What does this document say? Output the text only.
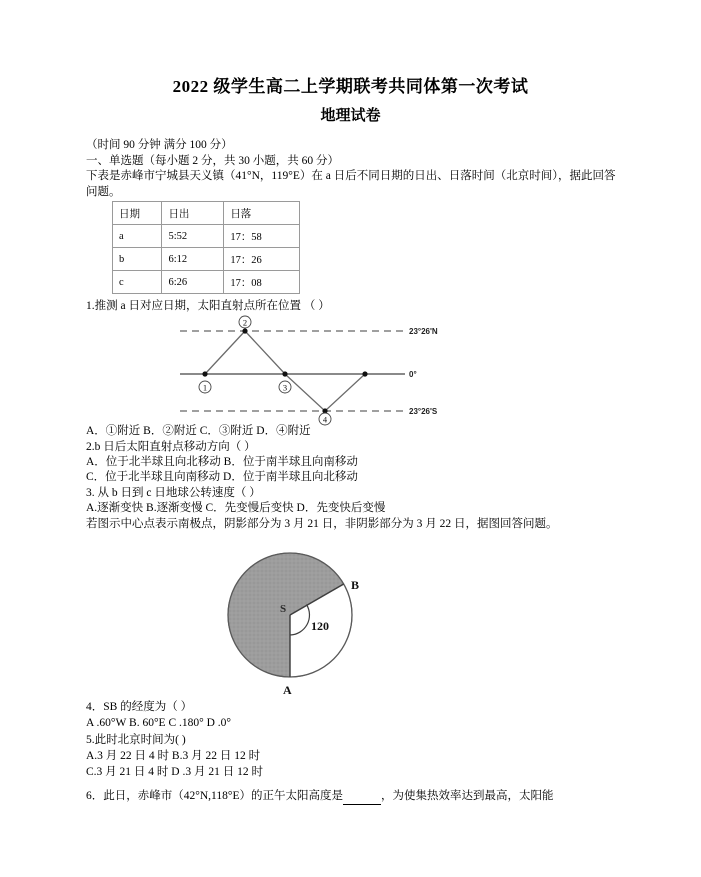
2022 级学生高二上学期联考共同体第一次考试
地理试卷
（时间 90 分钟 满分 100 分）
一、单选题（每小题 2 分，共 30 小题，共 60 分）
下表是赤峰市宁城县天义镇（41°N，119°E）在 a 日后不同日期的日出、日落时间（北京时间），据此回答问题。
日期	日出	日落
a	5:52	17：58
b	6:12	17：26
c	6:26	17：08
1.推测 a 日对应日期，太阳直射点所在位置 （ ）
1
2
3
4
23°26'N
0°
23°26'S
A．①附近 B．②附近 C．③附近 D．④附近
2.b 日后太阳直射点移动方向（ ）
A．位于北半球且向北移动 B．位于南半球且向南移动
C．位于北半球且向南移动 D．位于南半球且向北移动
3. 从 b 日到 c 日地球公转速度（ ）
A.逐渐变快 B.逐渐变慢 C．先变慢后变快 D．先变快后变慢
若图示中心点表示南极点，阴影部分为 3 月 21 日，非阴影部分为 3 月 22 日，据图回答问题。
S
120
A
B
4．SB 的经度为（ ）
A .60°W B. 60°E C .180° D .0°
5.此时北京时间为( )
A.3 月 22 日 4 时 B.3 月 22 日 12 时
C.3 月 21 日 4 时 D .3 月 21 日 12 时
6．此日，赤峰市（42°N,118°E）的正午太阳高度是	，为使集热效率达到最高，太阳能
